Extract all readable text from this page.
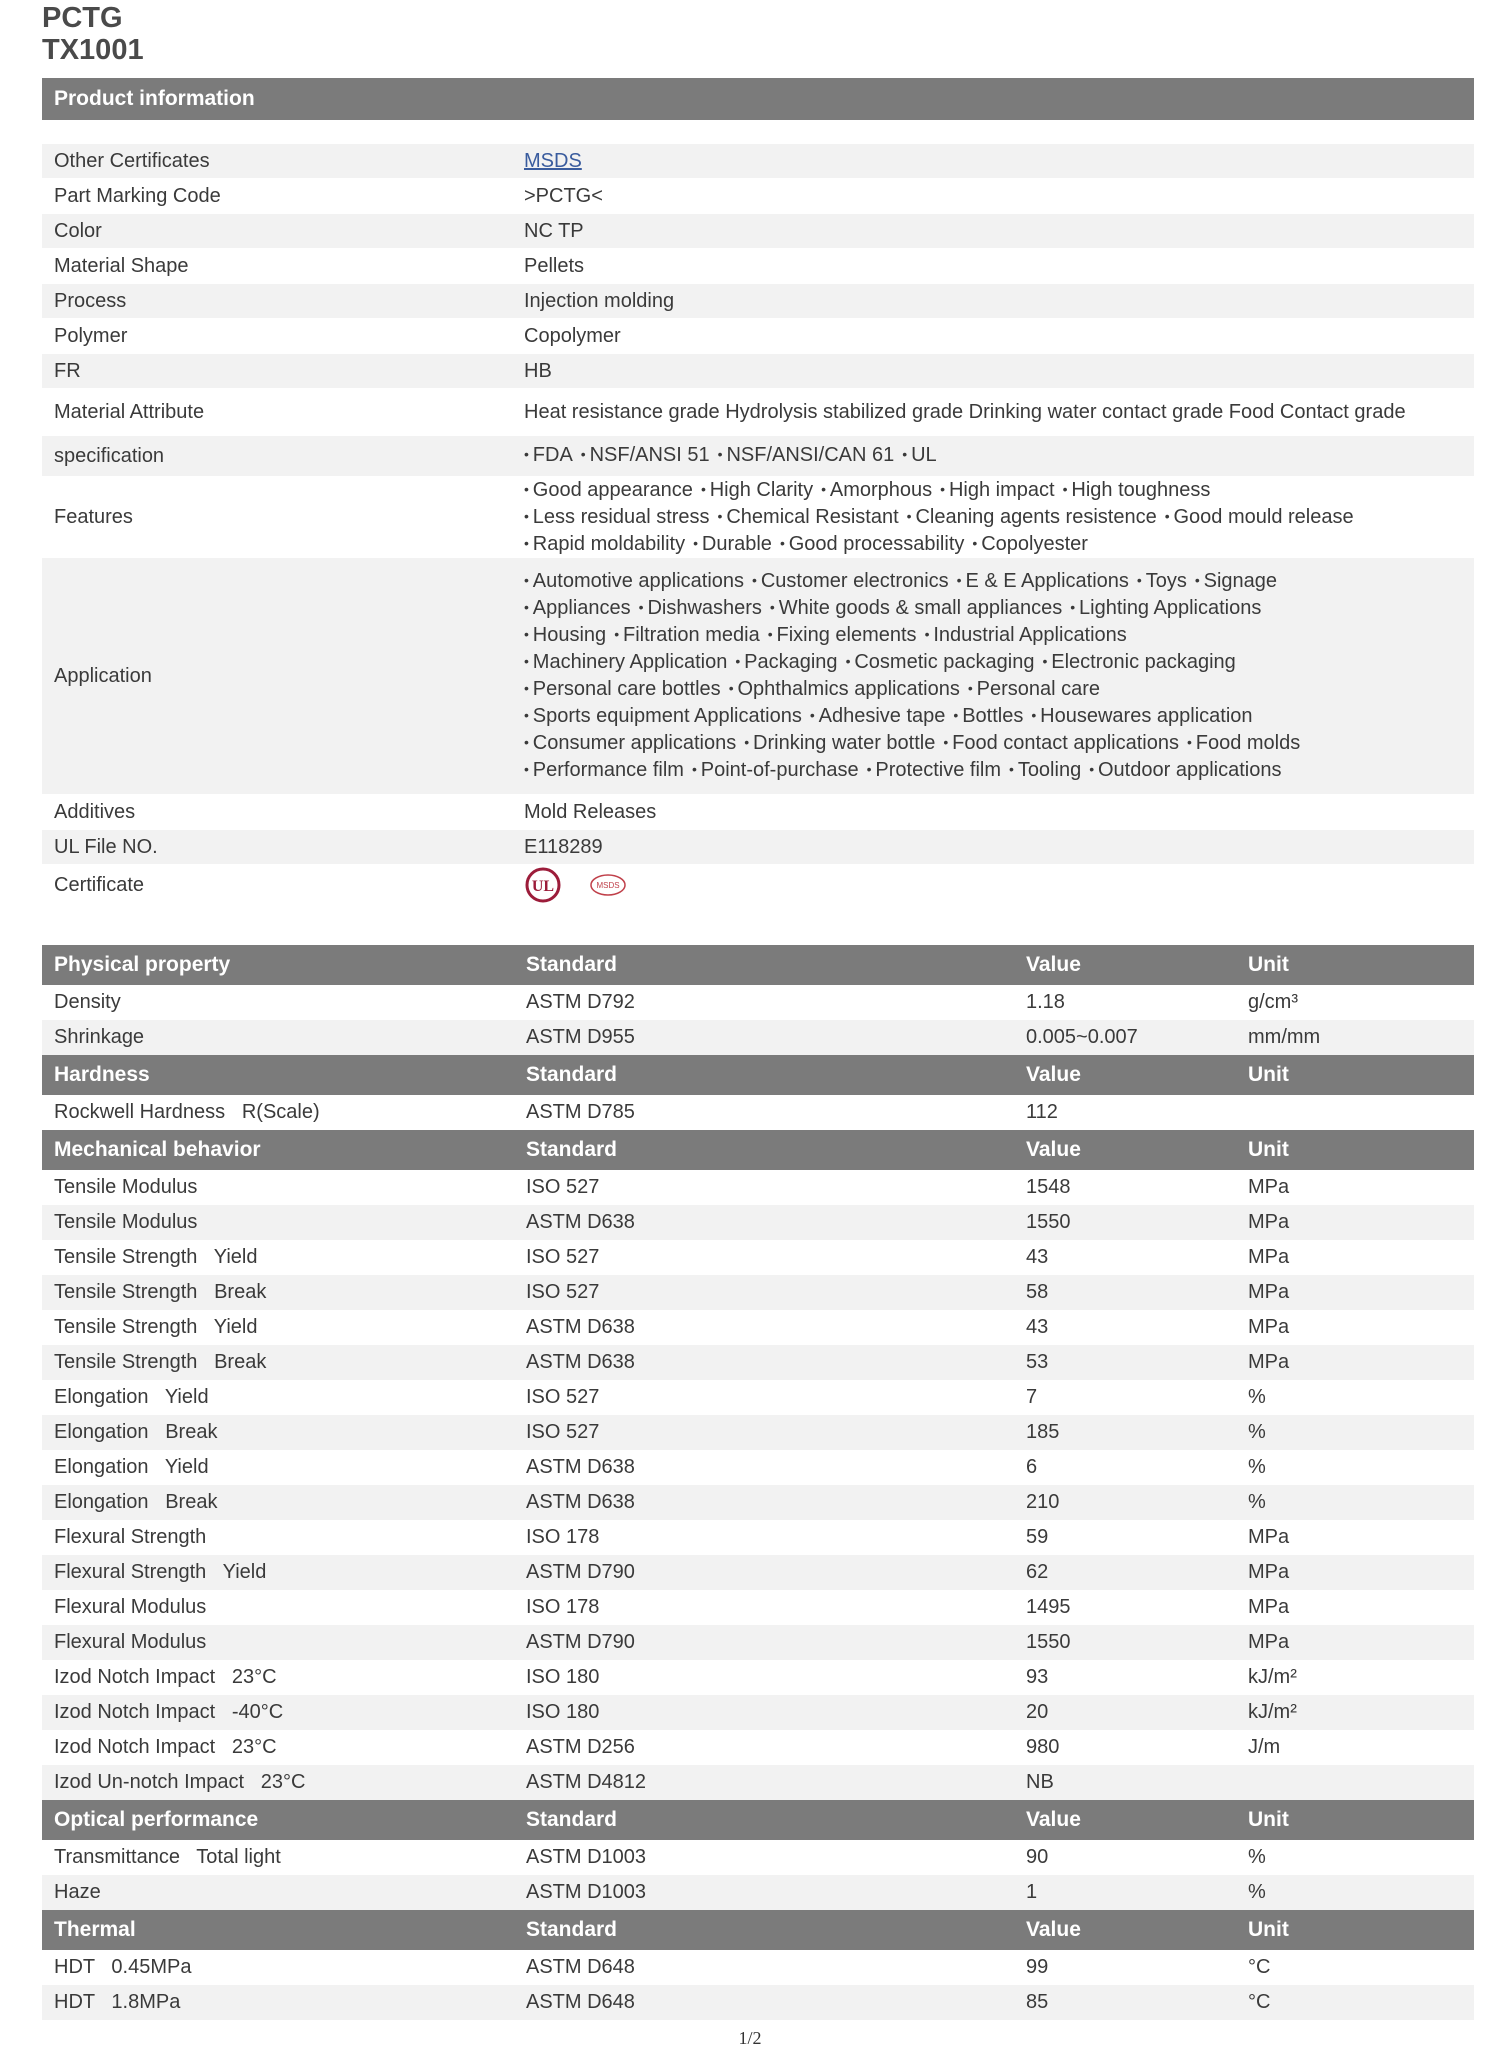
PCTG
TX1001
Product information
Other Certificates	MSDS
Part Marking Code	>PCTG<
Color	NC TP
Material Shape	Pellets
Process	Injection molding
Polymer	Copolymer
FR	HB
Material Attribute	Heat resistance grade Hydrolysis stabilized grade Drinking water contact grade Food Contact grade
specification	• FDA • NSF/ANSI 51 • NSF/ANSI/CAN 61 • UL
Features
• Good appearance • High Clarity • Amorphous • High impact • High toughness
• Less residual stress • Chemical Resistant • Cleaning agents resistence • Good mould release
• Rapid moldability • Durable • Good processability • Copolyester
Application
• Automotive applications • Customer electronics • E & E Applications • Toys • Signage
• Appliances • Dishwashers • White goods & small appliances • Lighting Applications
• Housing • Filtration media • Fixing elements • Industrial Applications
• Machinery Application • Packaging • Cosmetic packaging • Electronic packaging
• Personal care bottles • Ophthalmics applications • Personal care
• Sports equipment Applications • Adhesive tape • Bottles • Housewares application
• Consumer applications • Drinking water bottle • Food contact applications • Food molds
• Performance film • Point-of-purchase • Protective film • Tooling • Outdoor applications
Additives	Mold Releases
UL File NO.	E118289
Certificate	UL	MSDS
Physical property	Standard	Value	Unit
Density	ASTM D792	1.18	g/cm³
Shrinkage	ASTM D955	0.005~0.007	mm/mm
Hardness	Standard	Value	Unit
Rockwell Hardness   R(Scale)	ASTM D785	112
Mechanical behavior	Standard	Value	Unit
Tensile Modulus	ISO 527	1548	MPa
Tensile Modulus	ASTM D638	1550	MPa
Tensile Strength   Yield	ISO 527	43	MPa
Tensile Strength   Break	ISO 527	58	MPa
Tensile Strength   Yield	ASTM D638	43	MPa
Tensile Strength   Break	ASTM D638	53	MPa
Elongation   Yield	ISO 527	7	%
Elongation   Break	ISO 527	185	%
Elongation   Yield	ASTM D638	6	%
Elongation   Break	ASTM D638	210	%
Flexural Strength	ISO 178	59	MPa
Flexural Strength   Yield	ASTM D790	62	MPa
Flexural Modulus	ISO 178	1495	MPa
Flexural Modulus	ASTM D790	1550	MPa
Izod Notch Impact   23°C	ISO 180	93	kJ/m²
Izod Notch Impact   -40°C	ISO 180	20	kJ/m²
Izod Notch Impact   23°C	ASTM D256	980	J/m
Izod Un-notch Impact   23°C	ASTM D4812	NB
Optical performance	Standard	Value	Unit
Transmittance   Total light	ASTM D1003	90	%
Haze	ASTM D1003	1	%
Thermal	Standard	Value	Unit
HDT   0.45MPa	ASTM D648	99	°C
HDT   1.8MPa	ASTM D648	85	°C
1/2
